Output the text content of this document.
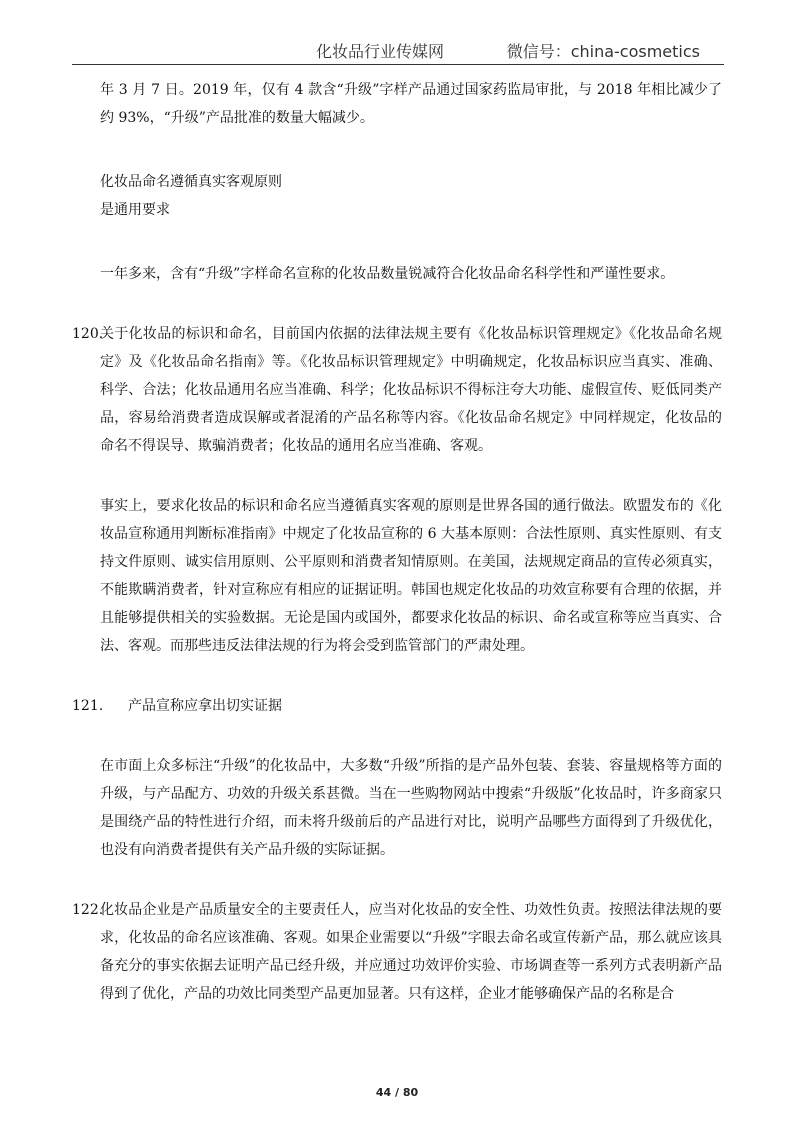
化妆品行业传媒网	微信号：china-cosmetics

年 3 月 7 日。2019 年，仅有 4 款含“升级”字样产品通过国家药监局审批，与 2018 年相比减少了约 93%，“升级”产品批准的数量大幅减少。

化妆品命名遵循真实客观原则

是通用要求

一年多来，含有“升级”字样命名宣称的化妆品数量锐减符合化妆品命名科学性和严谨性要求。

120.
关于化妆品的标识和命名，目前国内依据的法律法规主要有《化妆品标识管理规定》《化妆品命名规定》及《化妆品命名指南》等。《化妆品标识管理规定》中明确规定，化妆品标识应当真实、准确、科学、合法；化妆品通用名应当准确、科学；化妆品标识不得标注夸大功能、虚假宣传、贬低同类产品，容易给消费者造成误解或者混淆的产品名称等内容。《化妆品命名规定》中同样规定，化妆品的命名不得误导、欺骗消费者；化妆品的通用名应当准确、客观。

事实上，要求化妆品的标识和命名应当遵循真实客观的原则是世界各国的通行做法。欧盟发布的《化妆品宣称通用判断标准指南》中规定了化妆品宣称的 6 大基本原则：合法性原则、真实性原则、有支持文件原则、诚实信用原则、公平原则和消费者知情原则。在美国，法规规定商品的宣传必须真实，不能欺瞒消费者，针对宣称应有相应的证据证明。韩国也规定化妆品的功效宣称要有合理的依据，并且能够提供相关的实验数据。无论是国内或国外，都要求化妆品的标识、命名或宣称等应当真实、合法、客观。而那些违反法律法规的行为将会受到监管部门的严肃处理。

121. 产品宣称应拿出切实证据

在市面上众多标注“升级”的化妆品中，大多数“升级”所指的是产品外包装、套装、容量规格等方面的升级，与产品配方、功效的升级关系甚微。当在一些购物网站中搜索“升级版”化妆品时，许多商家只是围绕产品的特性进行介绍，而未将升级前后的产品进行对比，说明产品哪些方面得到了升级优化，也没有向消费者提供有关产品升级的实际证据。

122.
化妆品企业是产品质量安全的主要责任人，应当对化妆品的安全性、功效性负责。按照法律法规的要求，化妆品的命名应该准确、客观。如果企业需要以“升级”字眼去命名或宣传新产品，那么就应该具备充分的事实依据去证明产品已经升级，并应通过功效评价实验、市场调查等一系列方式表明新产品得到了优化，产品的功效比同类型产品更加显著。只有这样，企业才能够确保产品的名称是合

44 / 80
